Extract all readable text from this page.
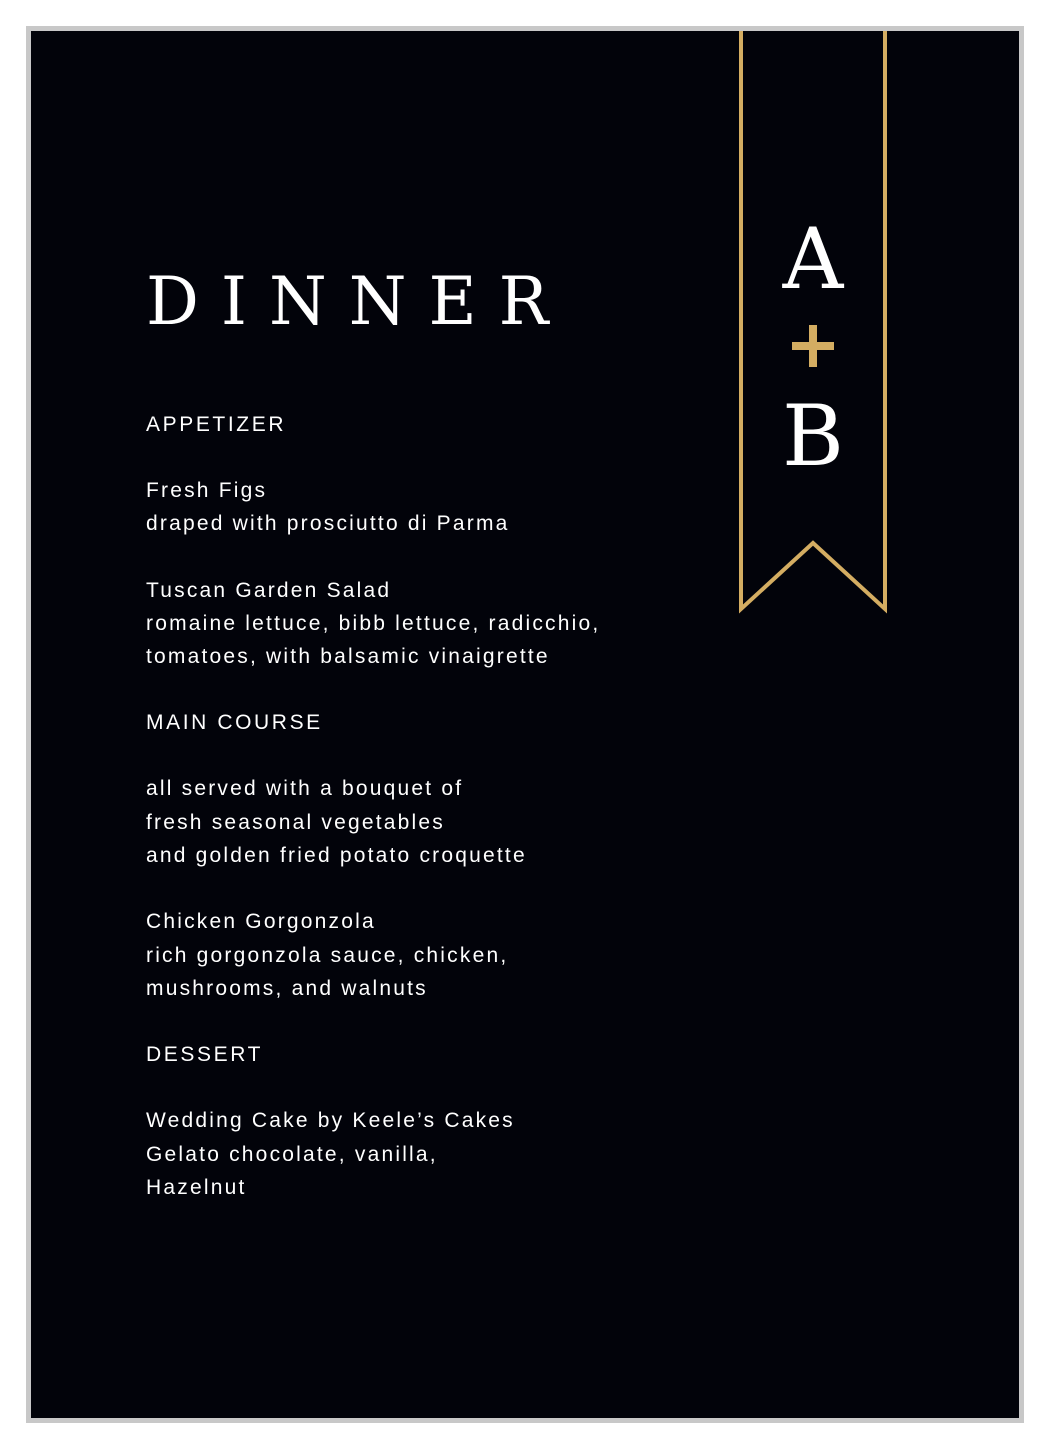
DINNER
APPETIZER
Fresh Figs
draped with prosciutto di Parma
Tuscan Garden Salad
romaine lettuce, bibb lettuce, radicchio,
tomatoes, with balsamic vinaigrette
MAIN COURSE
all served with a bouquet of
fresh seasonal vegetables
and golden fried potato croquette
Chicken Gorgonzola
rich gorgonzola sauce, chicken,
mushrooms, and walnuts
DESSERT
Wedding Cake by Keele’s Cakes
Gelato chocolate, vanilla,
Hazelnut
A
B
